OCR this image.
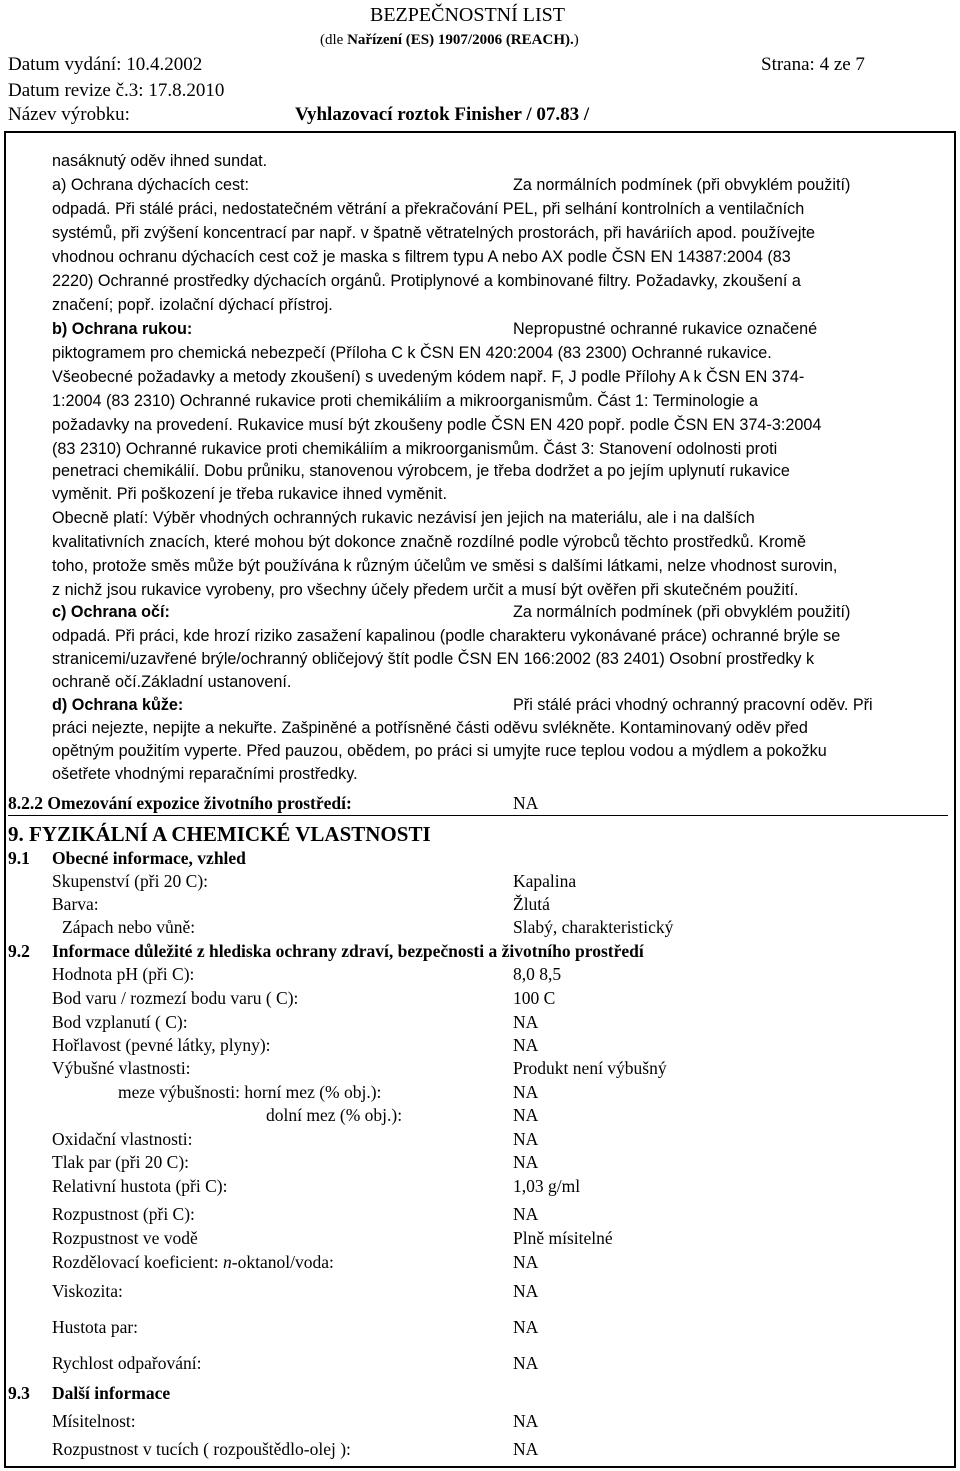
BEZPEČNOSTNÍ LIST
(dle Nařízení (ES) 1907/2006 (REACH).)
Datum vydání: 10.4.2002	Strana: 4 ze 7
Datum revize č.3: 17.8.2010
Název výrobku:	Vyhlazovací roztok Finisher / 07.83 /
nasáknutý oděv ihned sundat.
a) Ochrana dýchacích cest:	Za normálních podmínek (při obvyklém použití)
odpadá. Při stálé práci, nedostatečném větrání a překračování PEL, při selhání kontrolních a ventilačních
systémů, při zvýšení koncentrací par např. v špatně větratelných prostorách, při haváriích apod. používejte
vhodnou ochranu dýchacích cest což je maska s filtrem typu A nebo AX podle ČSN EN 14387:2004 (83
2220) Ochranné prostředky dýchacích orgánů. Protiplynové a kombinované filtry. Požadavky, zkoušení a
značení; popř. izolační dýchací přístroj.
b) Ochrana rukou:	Nepropustné ochranné rukavice označené
piktogramem pro chemická nebezpečí (Příloha C k ČSN EN 420:2004 (83 2300) Ochranné rukavice.
Všeobecné požadavky a metody zkoušení) s uvedeným kódem např. F, J podle Přílohy A k ČSN EN 374-
1:2004 (83 2310) Ochranné rukavice proti chemikáliím a mikroorganismům. Část 1: Terminologie a
požadavky na provedení. Rukavice musí být zkoušeny podle ČSN EN 420 popř. podle ČSN EN 374-3:2004
(83 2310) Ochranné rukavice proti chemikáliím a mikroorganismům. Část 3: Stanovení odolnosti proti
penetraci chemikálií. Dobu průniku, stanovenou výrobcem, je třeba dodržet a po jejím uplynutí rukavice
vyměnit. Při poškození je třeba rukavice ihned vyměnit.
Obecně platí: Výběr vhodných ochranných rukavic nezávisí jen jejich na materiálu, ale i na dalších
kvalitativních znacích, které mohou být dokonce značně rozdílné podle výrobců těchto prostředků. Kromě
toho, protože směs může být používána k různým účelům ve směsi s dalšími látkami, nelze vhodnost surovin,
z nichž jsou rukavice vyrobeny, pro všechny účely předem určit a musí být ověřen při skutečném použití.
c) Ochrana očí:	Za normálních podmínek (při obvyklém použití)
odpadá. Při práci, kde hrozí riziko zasažení kapalinou (podle charakteru vykonávané práce) ochranné brýle se
stranicemi/uzavřené brýle/ochranný obličejový štít podle ČSN EN 166:2002 (83 2401) Osobní prostředky k
ochraně očí.Základní ustanovení.
d) Ochrana kůže:	Při stálé práci vhodný ochranný pracovní oděv. Při
práci nejezte, nepijte a nekuřte. Zašpiněné a potřísněné části oděvu svlékněte. Kontaminovaný oděv před
opětným použitím vyperte. Před pauzou, obědem, po práci si umyjte ruce teplou vodou a mýdlem a pokožku
ošetřete vhodnými reparačními prostředky.
8.2.2 Omezování expozice životního prostředí:	NA
9. FYZIKÁLNÍ A CHEMICKÉ VLASTNOSTI
9.1 Obecné informace, vzhled
Skupenství (při 20 C):	Kapalina
Barva:	Žlutá
Zápach nebo vůně:	Slabý, charakteristický
9.2 Informace důležité z hlediska ochrany zdraví, bezpečnosti a životního prostředí
Hodnota pH (při C):	8,0 8,5
Bod varu / rozmezí bodu varu ( C):	100 C
Bod vzplanutí ( C):	NA
Hořlavost (pevné látky, plyny):	NA
Výbušné vlastnosti:	Produkt není výbušný
meze výbušnosti: horní mez (% obj.):	NA
dolní mez (% obj.):	NA
Oxidační vlastnosti:	NA
Tlak par (při 20 C):	NA
Relativní hustota (při C):	1,03 g/ml
Rozpustnost (při C):	NA
Rozpustnost ve vodě	Plně mísitelné
Rozdělovací koeficient: n-oktanol/voda:	NA
Viskozita:	NA
Hustota par:	NA
Rychlost odpařování:	NA
9.3 Další informace
Mísitelnost:	NA
Rozpustnost v tucích ( rozpouštědlo-olej ):	NA
